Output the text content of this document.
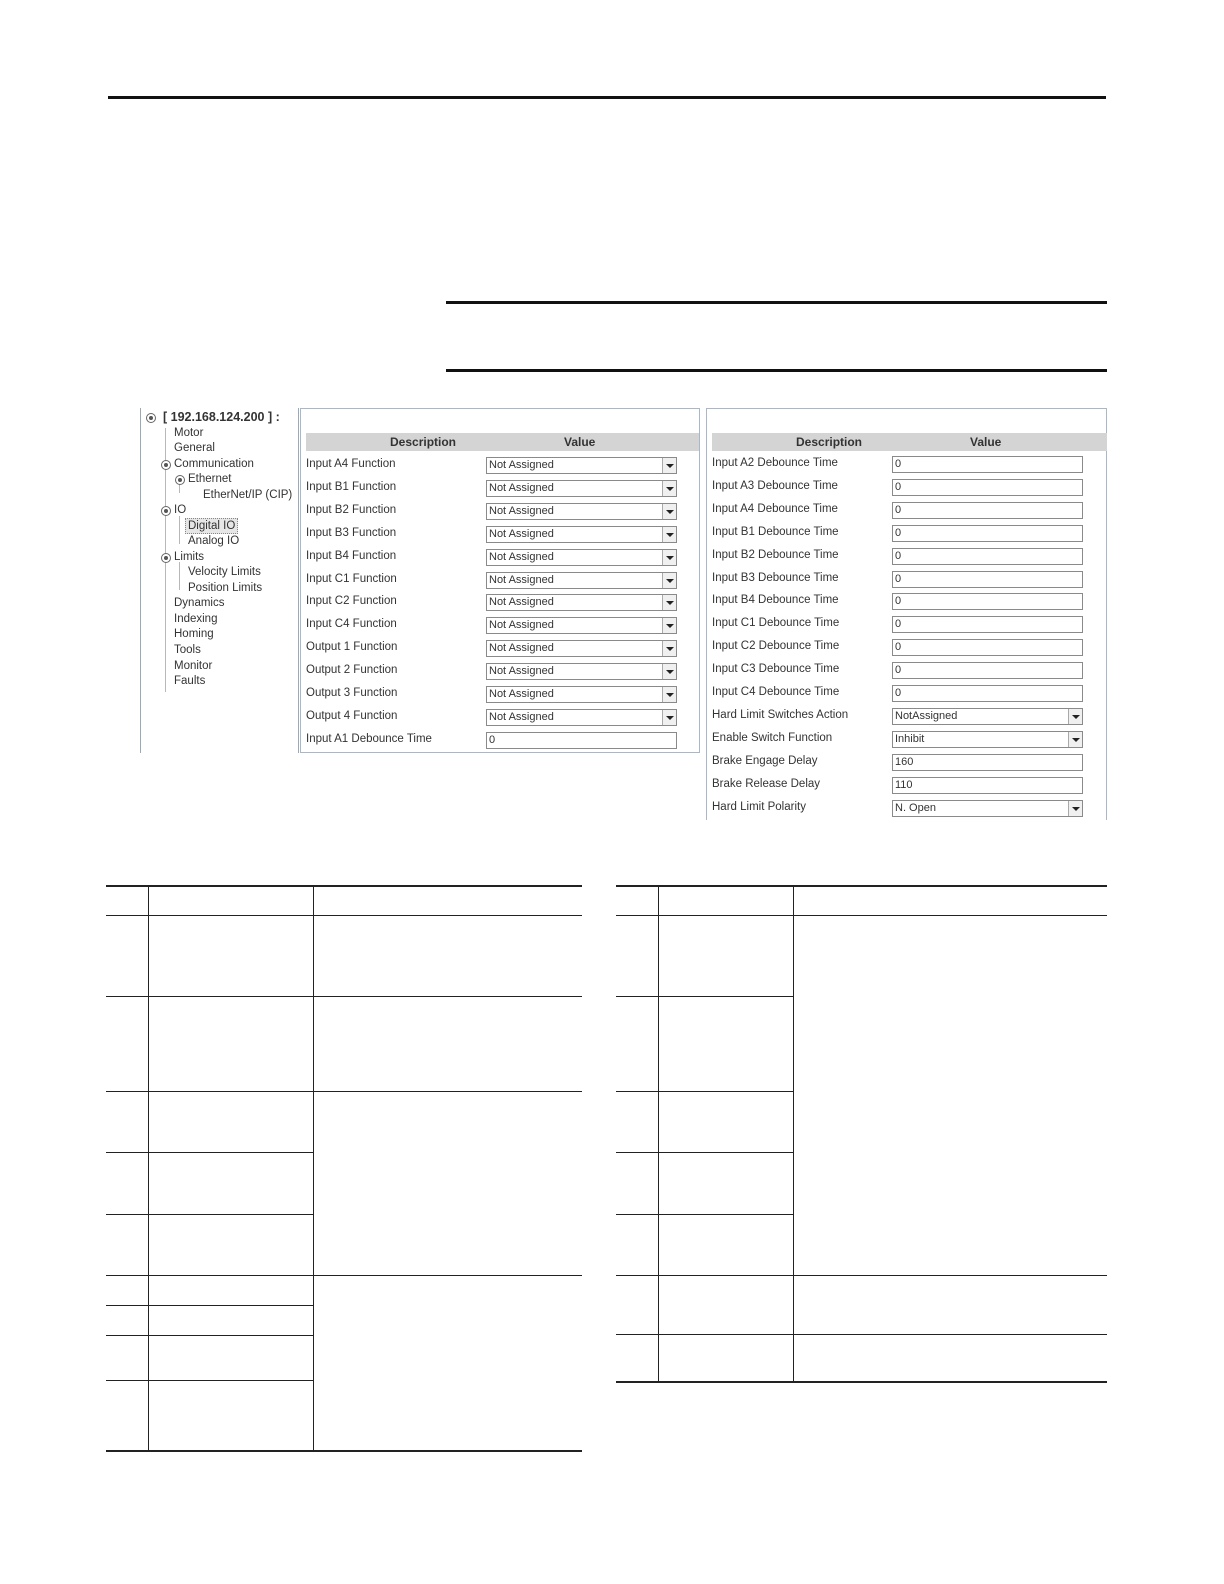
[ 192.168.124.200 ] :
Motor
General
Communication
Ethernet
EtherNet/IP (CIP)
IO
Digital IO
Analog IO
Limits
Velocity Limits
Position Limits
Dynamics
Indexing
Homing
Tools
Monitor
Faults
Description	Value
Input A4 Function	Not Assigned
Input B1 Function	Not Assigned
Input B2 Function	Not Assigned
Input B3 Function	Not Assigned
Input B4 Function	Not Assigned
Input C1 Function	Not Assigned
Input C2 Function	Not Assigned
Input C4 Function	Not Assigned
Output 1 Function	Not Assigned
Output 2 Function	Not Assigned
Output 3 Function	Not Assigned
Output 4 Function	Not Assigned
Input A1 Debounce Time	0
Description	Value
Input A2 Debounce Time	0
Input A3 Debounce Time	0
Input A4 Debounce Time	0
Input B1 Debounce Time	0
Input B2 Debounce Time	0
Input B3 Debounce Time	0
Input B4 Debounce Time	0
Input C1 Debounce Time	0
Input C2 Debounce Time	0
Input C3 Debounce Time	0
Input C4 Debounce Time	0
Hard Limit Switches Action	NotAssigned
Enable Switch Function	Inhibit
Brake Engage Delay	160
Brake Release Delay	110
Hard Limit Polarity	N. Open
